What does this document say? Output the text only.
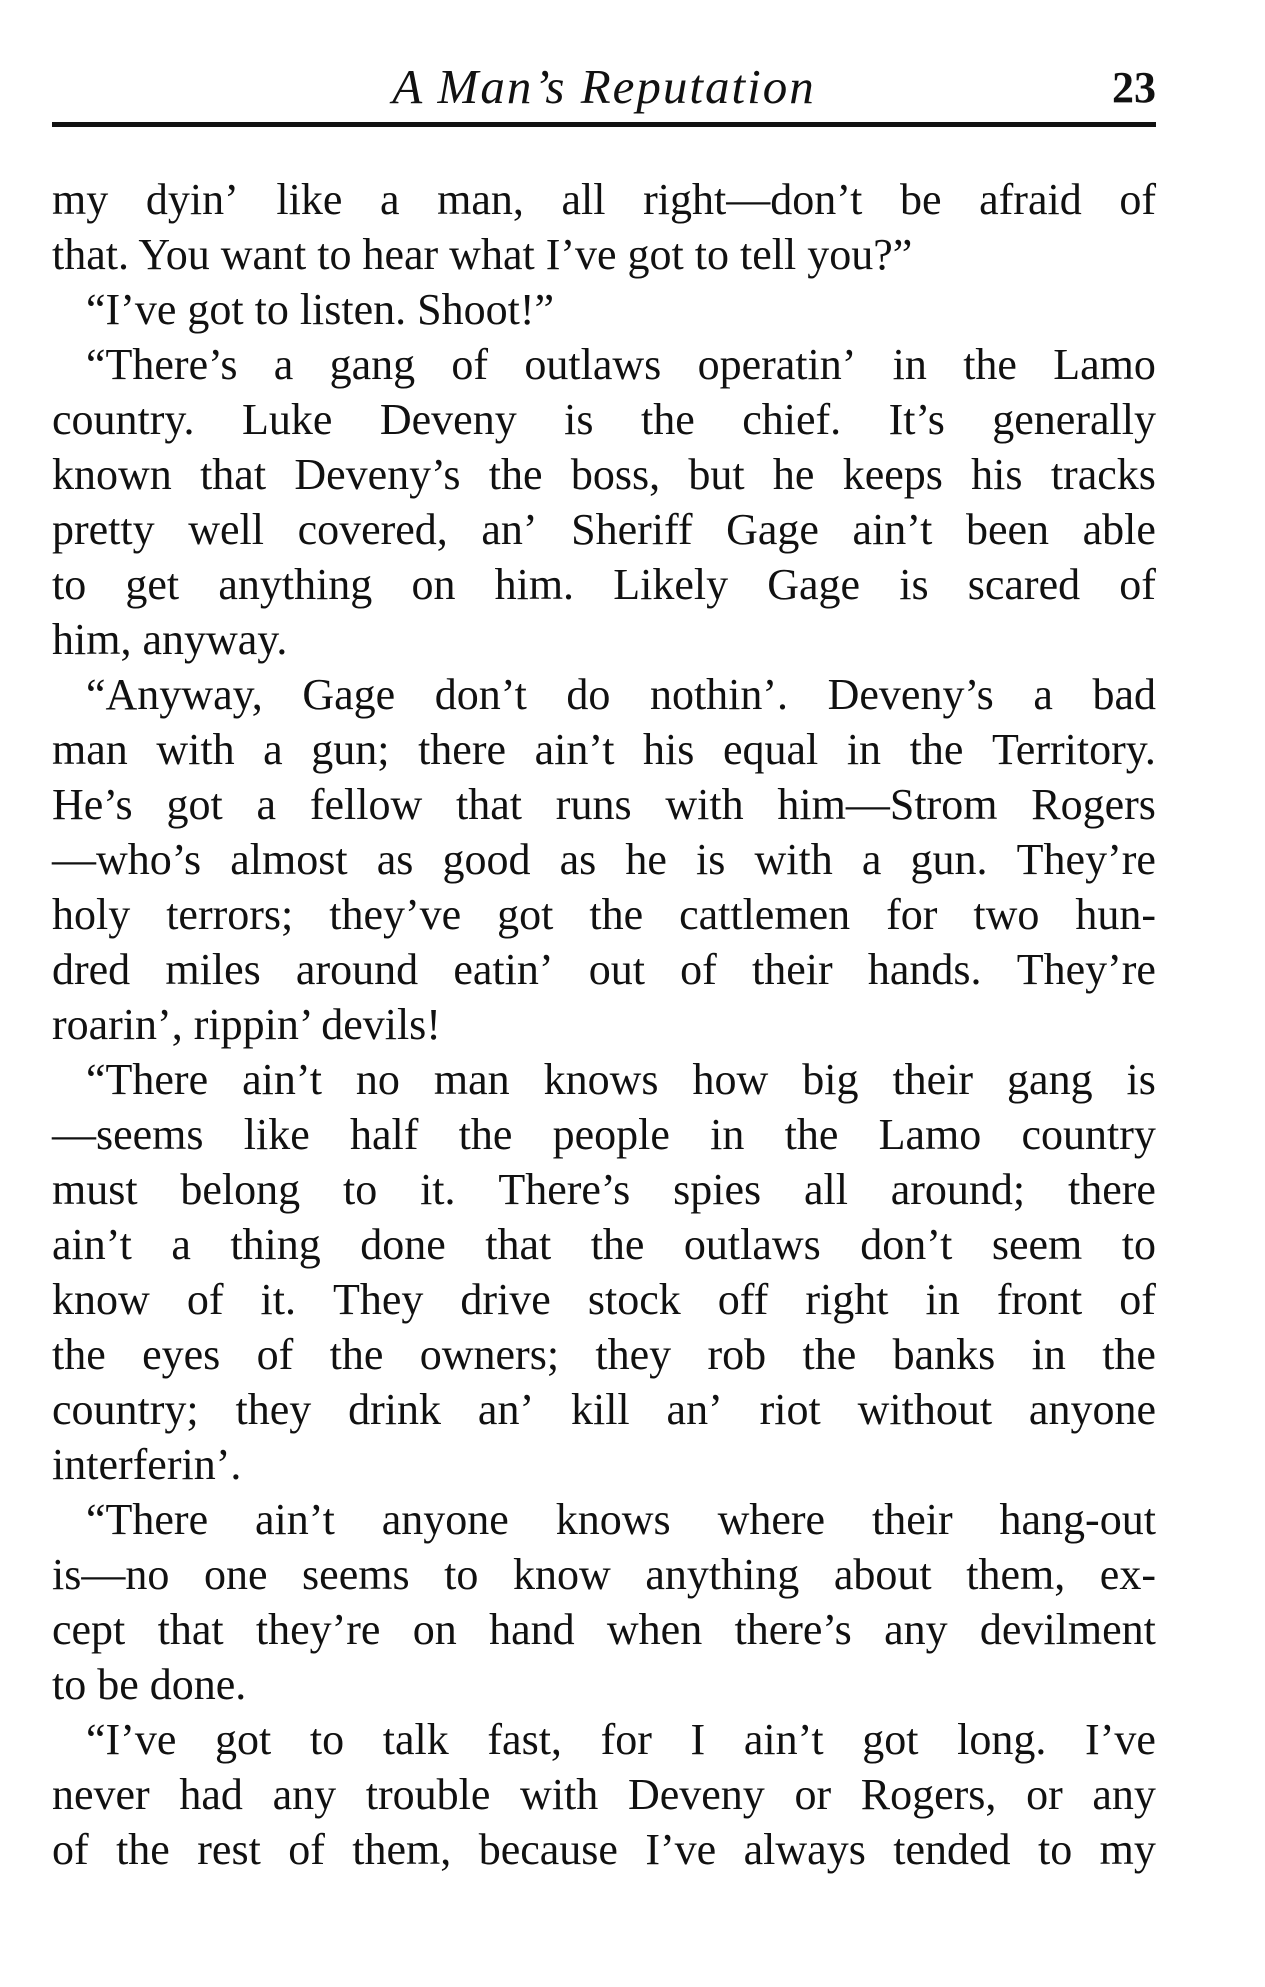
A Man’s Reputation	23
my dyin’ like a man, all right—don’t be afraid of
that. You want to hear what I’ve got to tell you?”
“I’ve got to listen. Shoot!”
“There’s a gang of outlaws operatin’ in the Lamo
country. Luke Deveny is the chief. It’s generally
known that Deveny’s the boss, but he keeps his tracks
pretty well covered, an’ Sheriff Gage ain’t been able
to get anything on him. Likely Gage is scared of
him, anyway.
“Anyway, Gage don’t do nothin’. Deveny’s a bad
man with a gun; there ain’t his equal in the Territory.
He’s got a fellow that runs with him—Strom Rogers
—who’s almost as good as he is with a gun. They’re
holy terrors; they’ve got the cattlemen for two hun-
dred miles around eatin’ out of their hands. They’re
roarin’, rippin’ devils!
“There ain’t no man knows how big their gang is
—seems like half the people in the Lamo country
must belong to it. There’s spies all around; there
ain’t a thing done that the outlaws don’t seem to
know of it. They drive stock off right in front of
the eyes of the owners; they rob the banks in the
country; they drink an’ kill an’ riot without anyone
interferin’.
“There ain’t anyone knows where their hang-out
is—no one seems to know anything about them, ex-
cept that they’re on hand when there’s any devilment
to be done.
“I’ve got to talk fast, for I ain’t got long. I’ve
never had any trouble with Deveny or Rogers, or any
of the rest of them, because I’ve always tended to my
